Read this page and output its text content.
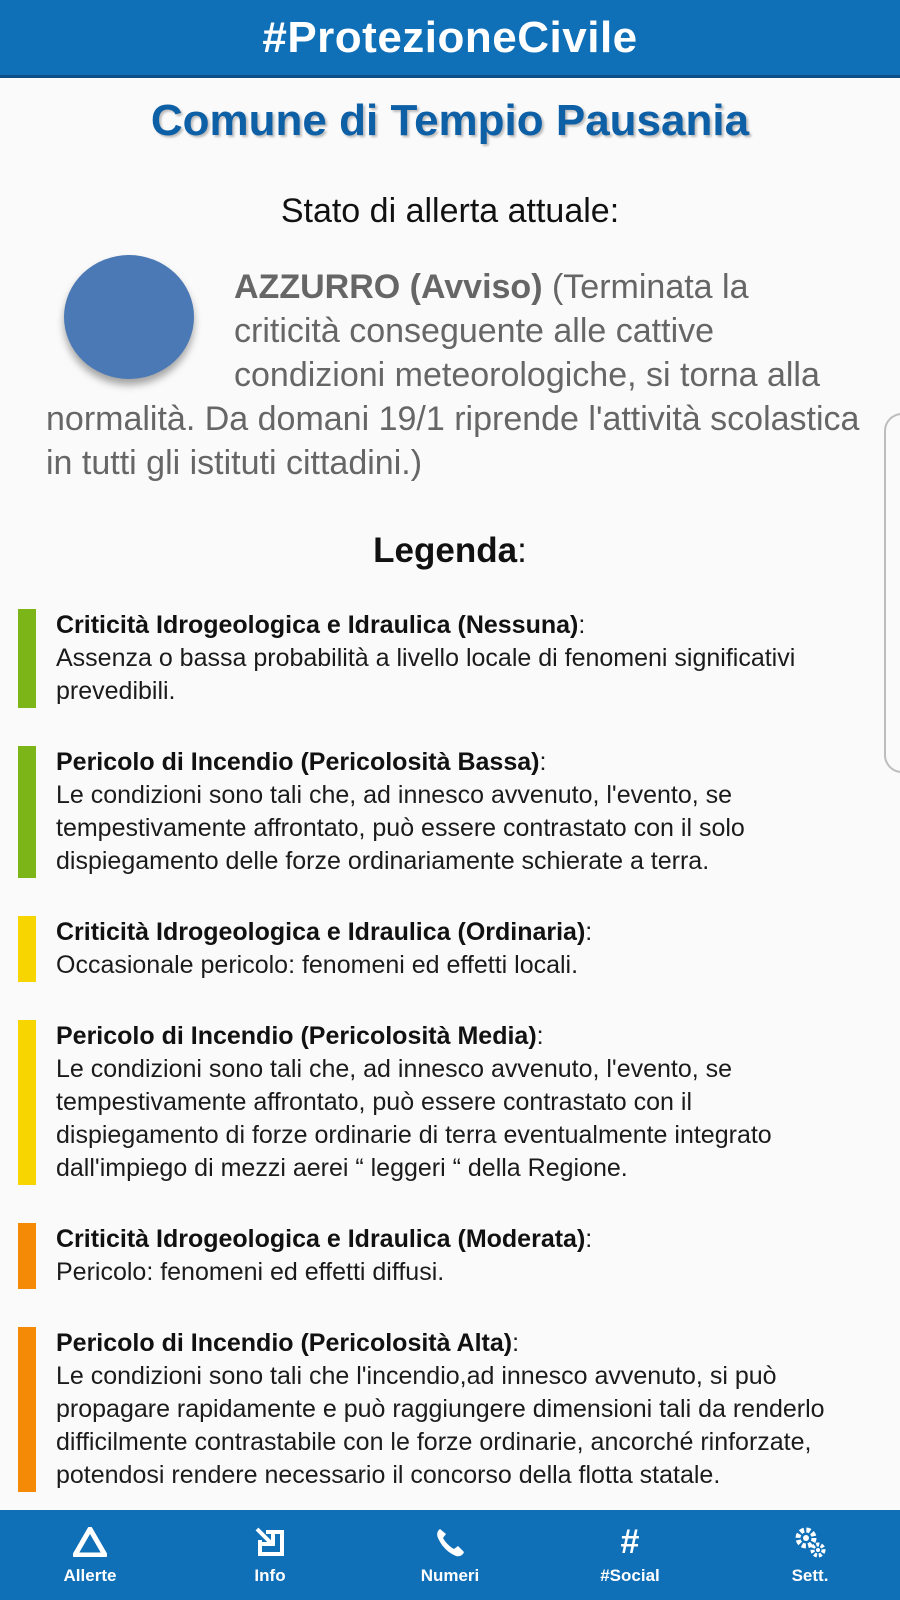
#ProtezioneCivile
Comune di Tempio Pausania
Stato di allerta attuale:
AZZURRO (Avviso) (Terminata la criticità conseguente alle cattive condizioni meteorologiche, si torna alla normalità. Da domani 19/1 riprende l'attività scolastica in tutti gli istituti cittadini.)
Legenda:
Criticità Idrogeologica e Idraulica (Nessuna):
Assenza o bassa probabilità a livello locale di fenomeni significativi prevedibili.
Pericolo di Incendio (Pericolosità Bassa):
Le condizioni sono tali che, ad innesco avvenuto, l'evento, se tempestivamente affrontato, può essere contrastato con il solo dispiegamento delle forze ordinariamente schierate a terra.
Criticità Idrogeologica e Idraulica (Ordinaria):
Occasionale pericolo: fenomeni ed effetti locali.
Pericolo di Incendio (Pericolosità Media):
Le condizioni sono tali che, ad innesco avvenuto, l'evento, se tempestivamente affrontato, può essere contrastato con il dispiegamento di forze ordinarie di terra eventualmente integrato dall'impiego di mezzi aerei “ leggeri “ della Regione.
Criticità Idrogeologica e Idraulica (Moderata):
Pericolo: fenomeni ed effetti diffusi.
Pericolo di Incendio (Pericolosità Alta):
Le condizioni sono tali che l'incendio,ad innesco avvenuto, si può propagare rapidamente e può raggiungere dimensioni tali da renderlo difficilmente contrastabile con le forze ordinarie, ancorché rinforzate, potendosi rendere necessario il concorso della flotta statale.
Allerte	Info	Numeri
#
#Social	Sett.
